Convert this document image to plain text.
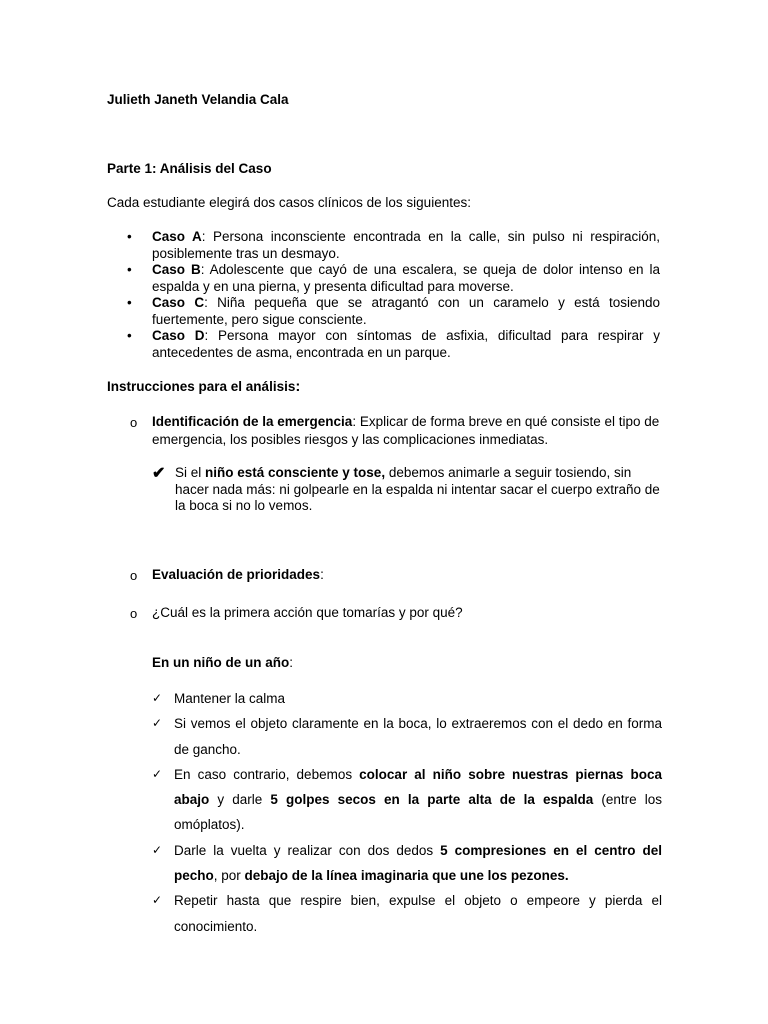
Julieth Janeth Velandia Cala
Parte 1: Análisis del Caso
Cada estudiante elegirá dos casos clínicos de los siguientes:
• Caso A: Persona inconsciente encontrada en la calle, sin pulso ni respiración, posiblemente tras un desmayo.
• Caso B: Adolescente que cayó de una escalera, se queja de dolor intenso en la espalda y en una pierna, y presenta dificultad para moverse.
• Caso C: Niña pequeña que se atragantó con un caramelo y está tosiendo fuertemente, pero sigue consciente.
• Caso D: Persona mayor con síntomas de asfixia, dificultad para respirar y antecedentes de asma, encontrada en un parque.
Instrucciones para el análisis:
o Identificación de la emergencia: Explicar de forma breve en qué consiste el tipo de emergencia, los posibles riesgos y las complicaciones inmediatas.
✔ Si el niño está consciente y tose, debemos animarle a seguir tosiendo, sin hacer nada más: ni golpearle en la espalda ni intentar sacar el cuerpo extraño de la boca si no lo vemos.
o Evaluación de prioridades:
o ¿Cuál es la primera acción que tomarías y por qué?
En un niño de un año:
✓ Mantener la calma
✓ Si vemos el objeto claramente en la boca, lo extraeremos con el dedo en forma de gancho.
✓ En caso contrario, debemos colocar al niño sobre nuestras piernas boca abajo y darle 5 golpes secos en la parte alta de la espalda (entre los omóplatos).
✓ Darle la vuelta y realizar con dos dedos 5 compresiones en el centro del pecho, por debajo de la línea imaginaria que une los pezones.
✓ Repetir hasta que respire bien, expulse el objeto o empeore y pierda el conocimiento.
